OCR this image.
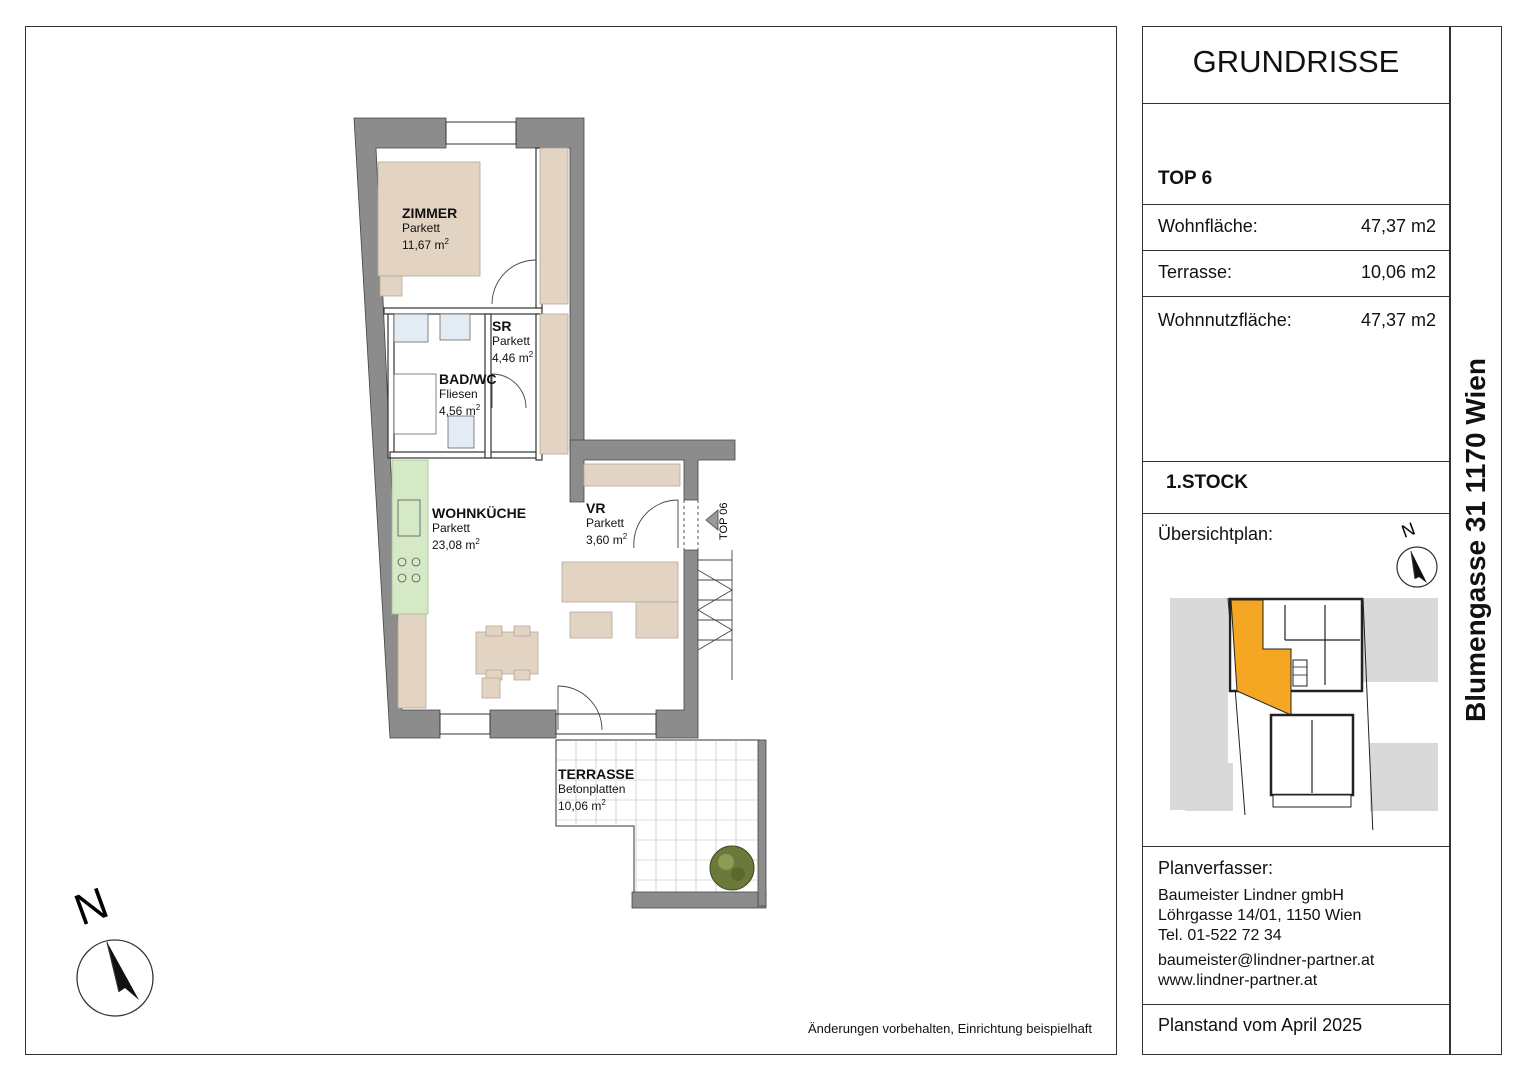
GRUNDRISSE
TOP 6
Wohnfläche:	47,37 m2
Terrasse:	10,06 m2
Wohnnutzfläche:	47,37 m2
1.STOCK
Übersichtplan:	N
Planverfasser:
Baumeister Lindner gmbH
Löhrgasse 14/01, 1150 Wien
Tel. 01-522 72 34
baumeister@lindner-partner.at
www.lindner-partner.at
Planstand vom April 2025
Blumengasse 31 1170 Wien
Änderungen vorbehalten, Einrichtung beispielhaft
N
TOP 06
ZIMMER
Parkett
11,67 $m^2$
SR
Parkett
4,46 $m^2$
BAD/WC
Fliesen
4,56 $m^2$
WOHNKÜCHE
Parkett
23,08 $m^2$
VR
Parkett
3,60 $m^2$
TERRASSE
Betonplatten
10,06 $m^2$
